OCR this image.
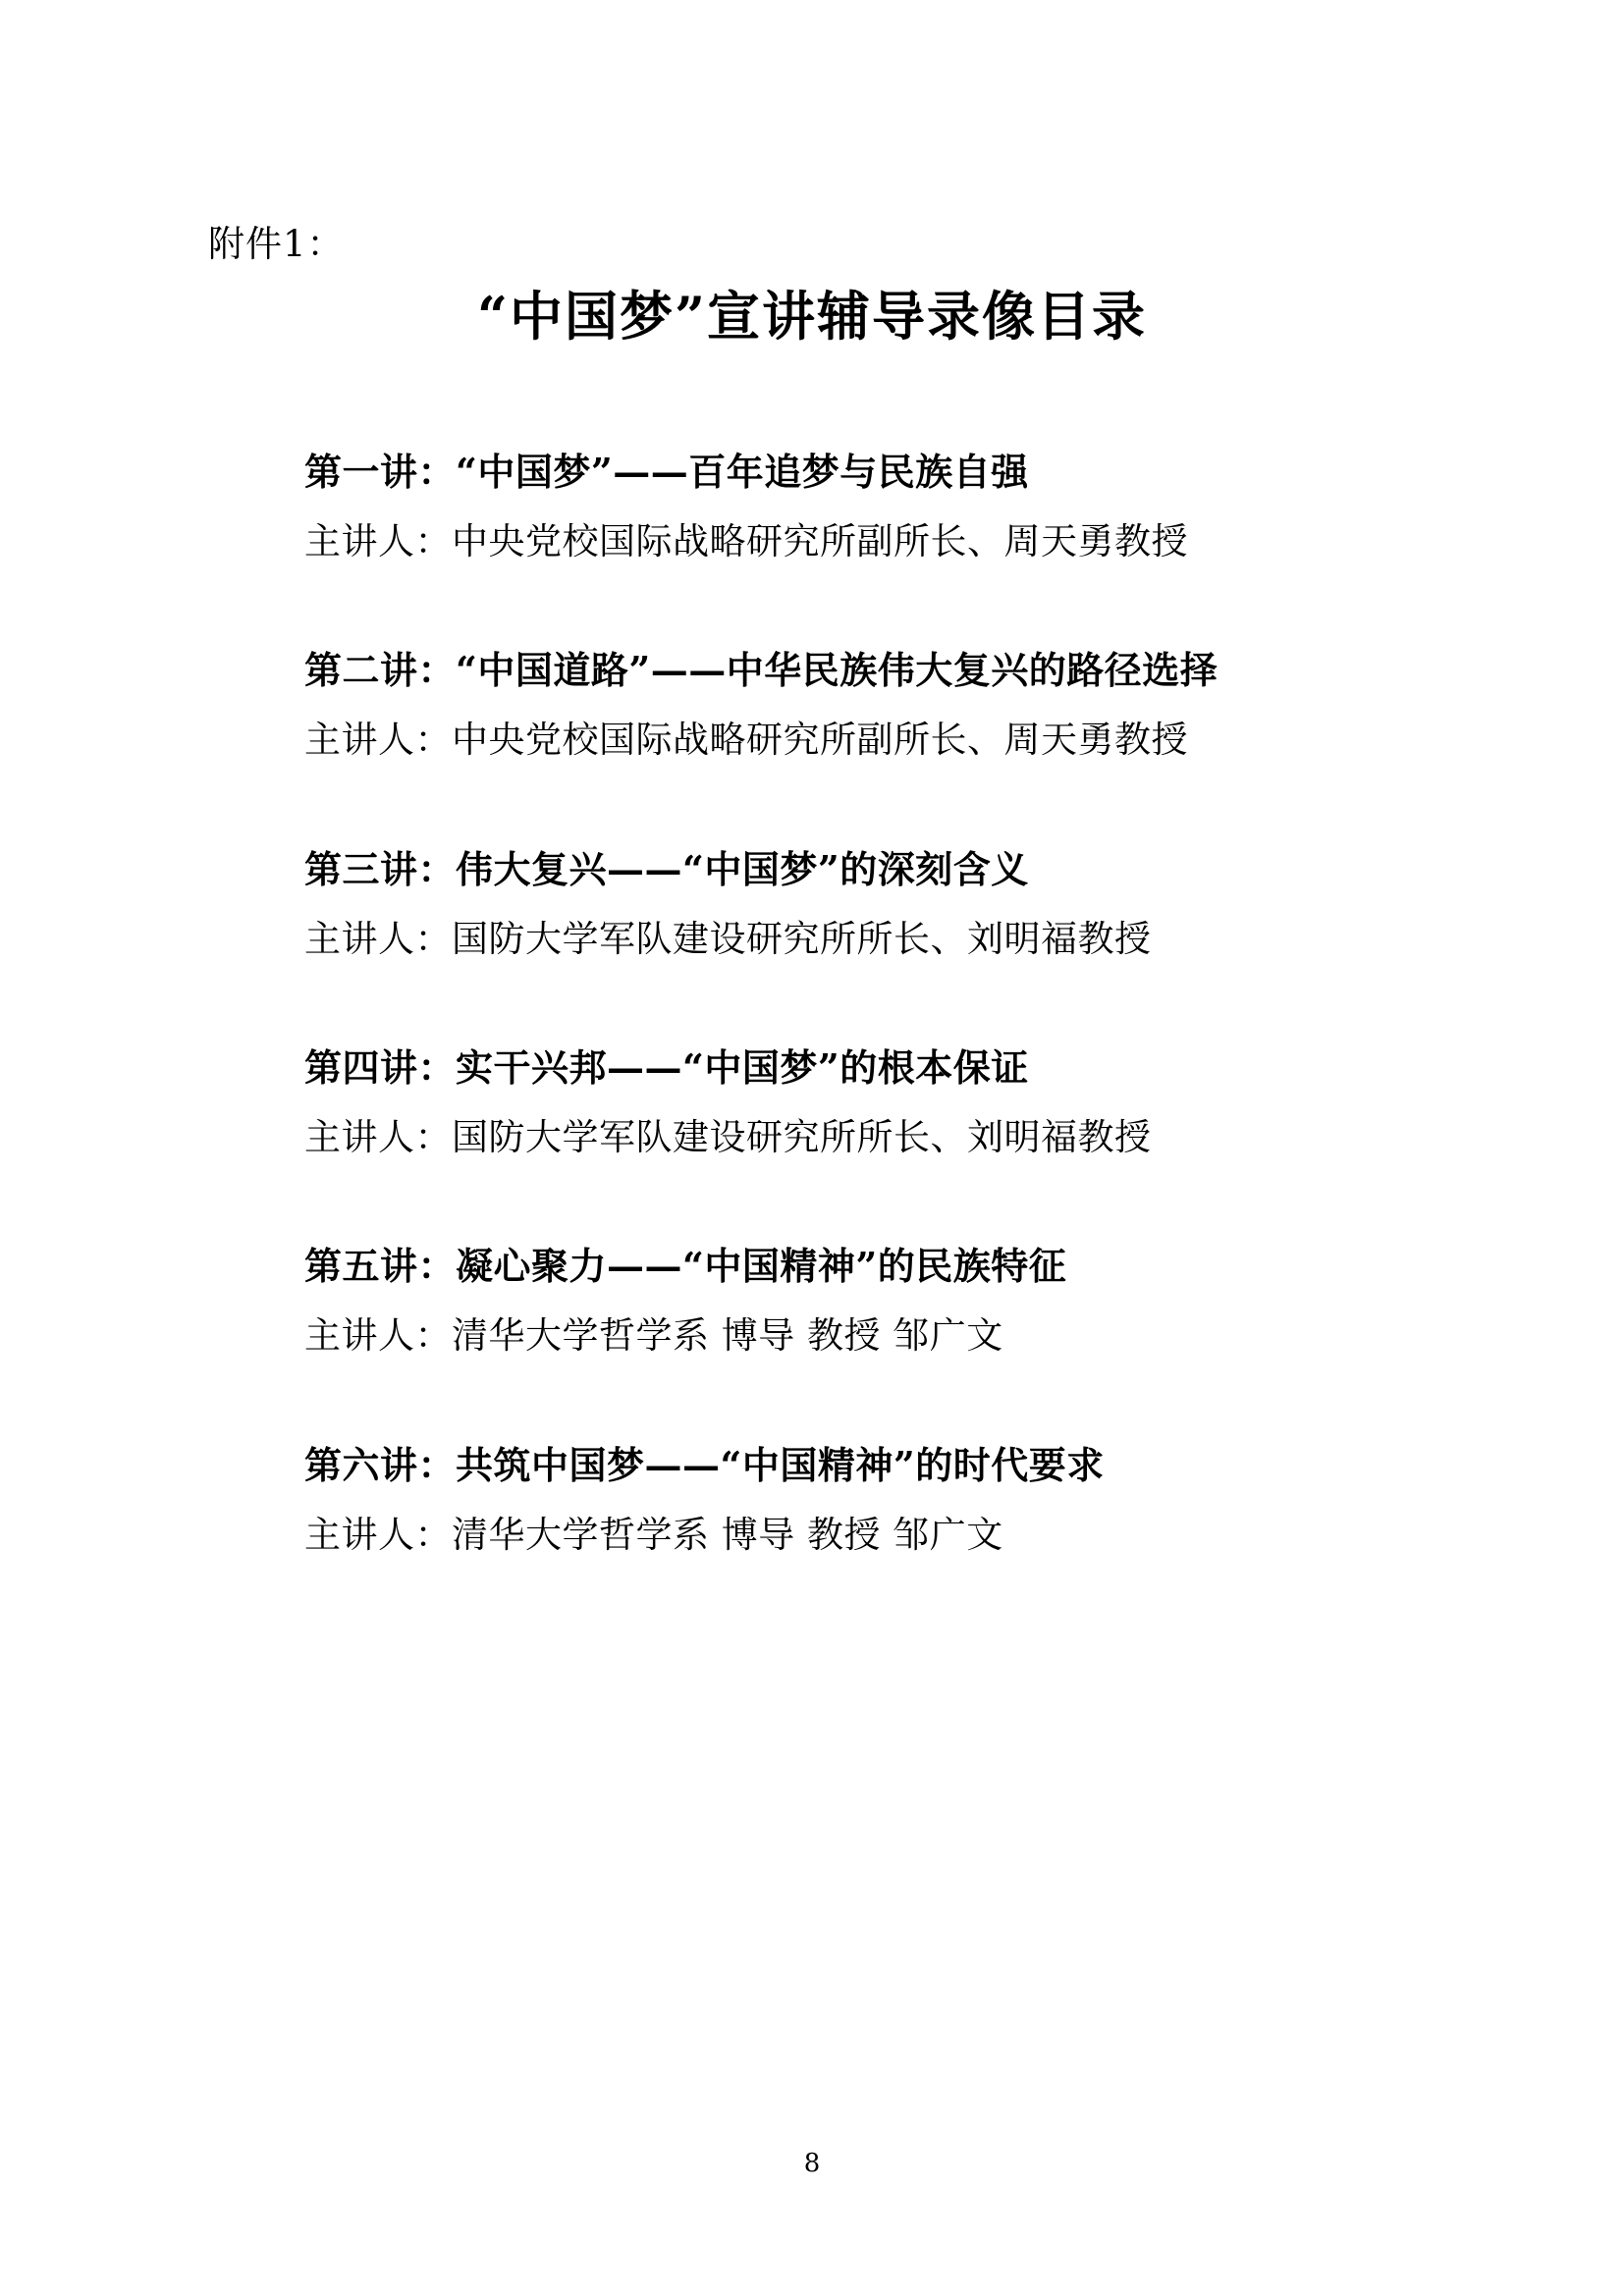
附件1：
“中国梦”宣讲辅导录像目录
第一讲：“中国梦”——百年追梦与民族自强
主讲人：中央党校国际战略研究所副所长、周天勇教授
第二讲：“中国道路”——中华民族伟大复兴的路径选择
主讲人：中央党校国际战略研究所副所长、周天勇教授
第三讲：伟大复兴——“中国梦”的深刻含义
主讲人：国防大学军队建设研究所所长、刘明福教授
第四讲：实干兴邦——“中国梦”的根本保证
主讲人：国防大学军队建设研究所所长、刘明福教授
第五讲：凝心聚力——“中国精神”的民族特征
主讲人：清华大学哲学系 博导 教授 邹广文
第六讲：共筑中国梦——“中国精神”的时代要求
主讲人：清华大学哲学系 博导 教授 邹广文
8
